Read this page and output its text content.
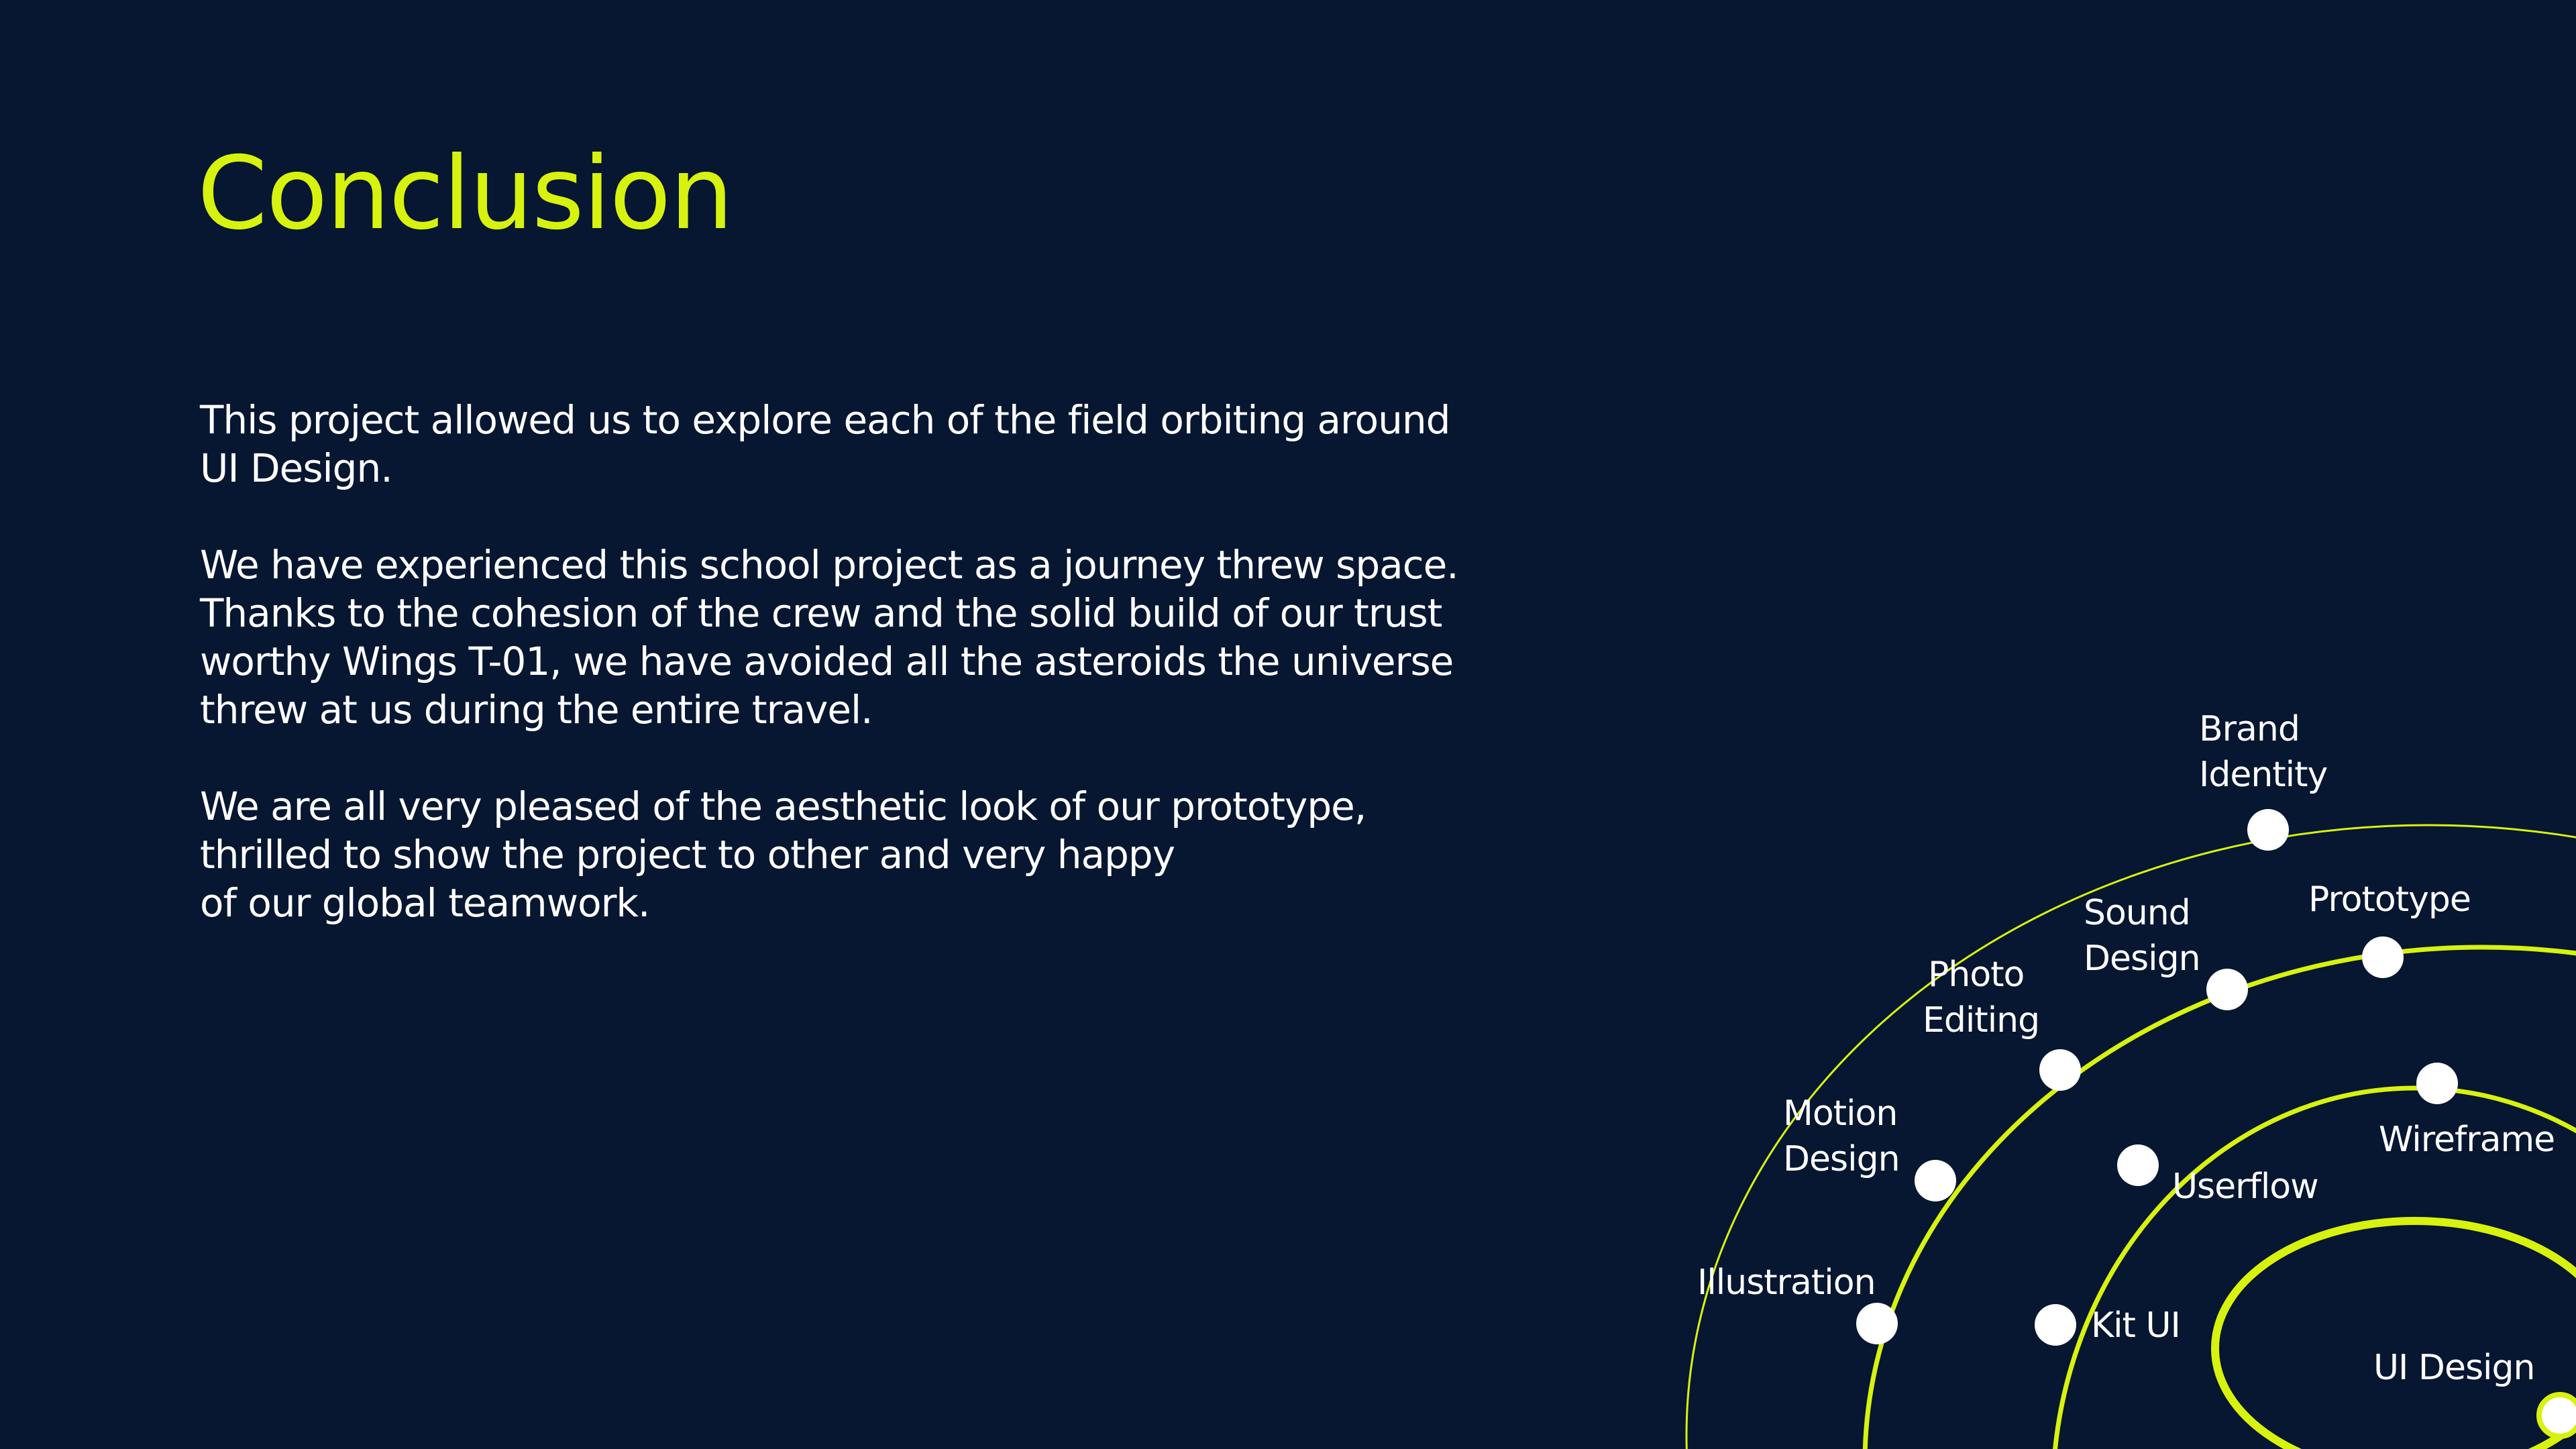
Conclusion

This project allowed us to explore each of the field orbiting around
UI Design.

We have experienced this school project as a journey threw space.
Thanks to the cohesion of the crew and the solid build of our trust
worthy Wings T-01, we have avoided all the asteroids the universe
threw at us during the entire travel.

We are all very pleased of the aesthetic look of our prototype,
thrilled to show the project to other and very happy
of our global teamwork.

Brand Identity
Prototype
Sound Design
Photo Editing
Motion Design
Illustration
Wireframe
Userflow
Kit UI
UI Design
